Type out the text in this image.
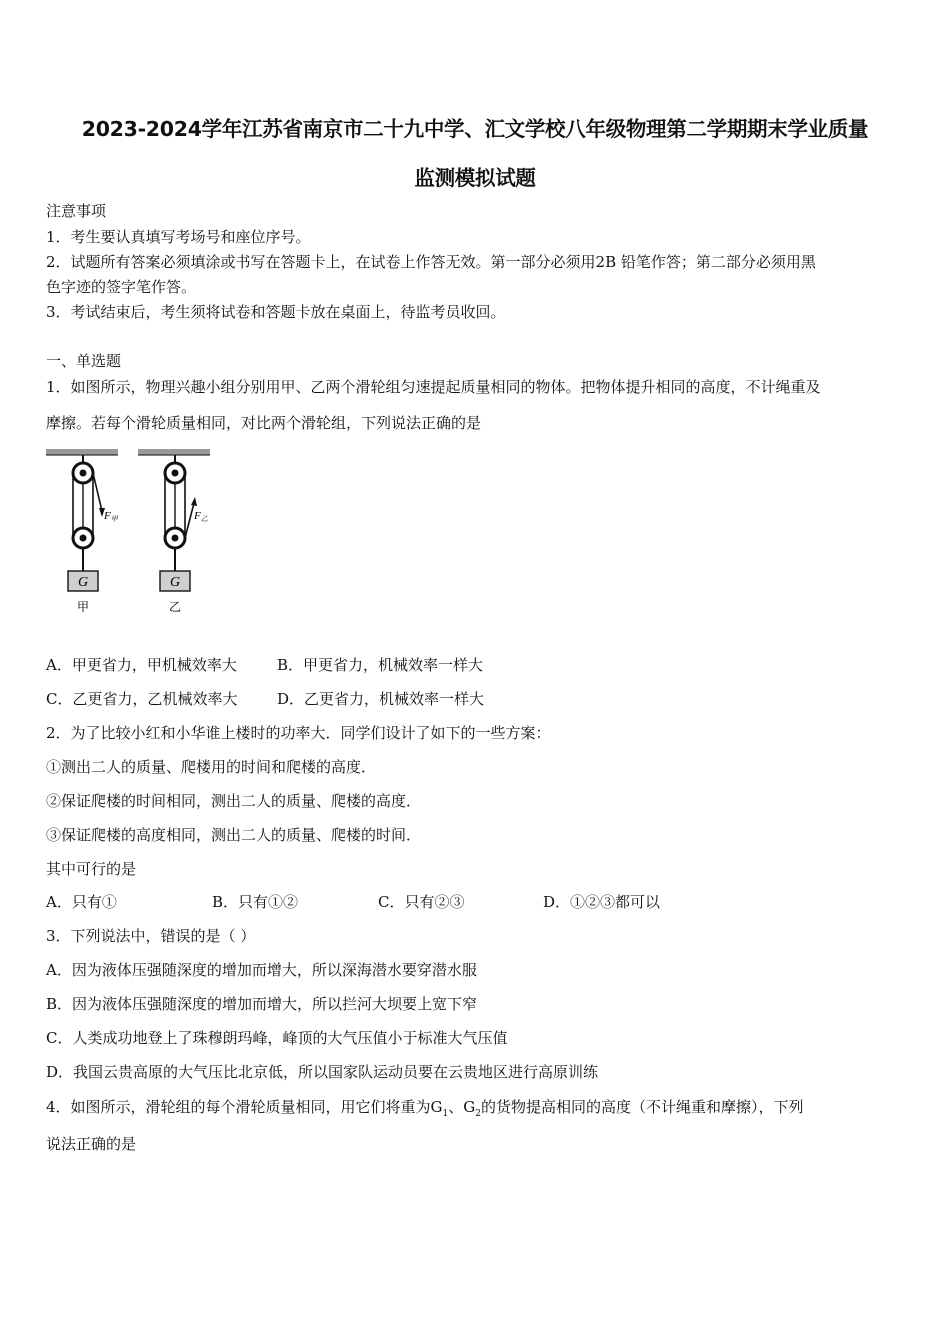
2023-2024学年江苏省南京市二十九中学、汇文学校八年级物理第二学期期末学业质量
监测模拟试题
注意事项
1．考生要认真填写考场号和座位序号。
2．试题所有答案必须填涂或书写在答题卡上，在试卷上作答无效。第一部分必须用2B 铅笔作答；第二部分必须用黑
色字迹的签字笔作答。
3．考试结束后，考生须将试卷和答题卡放在桌面上，待监考员收回。
一、单选题
1．如图所示，物理兴趣小组分别用甲、乙两个滑轮组匀速提起质量相同的物体。把物体提升相同的高度，不计绳重及
摩擦。若每个滑轮质量相同，对比两个滑轮组，下列说法正确的是
G
甲
F甲
G
乙
F乙
A．甲更省力，甲机械效率大	B．甲更省力，机械效率一样大
C．乙更省力，乙机械效率大	D．乙更省力，机械效率一样大
2．为了比较小红和小华谁上楼时的功率大．同学们设计了如下的一些方案：
①测出二人的质量、爬楼用的时间和爬楼的高度．
②保证爬楼的时间相同，测出二人的质量、爬楼的高度．
③保证爬楼的高度相同，测出二人的质量、爬楼的时间．
其中可行的是
A．只有①	B．只有①②	C．只有②③	D．①②③都可以
3．下列说法中，错误的是（ ）
A．因为液体压强随深度的增加而增大，所以深海潜水要穿潜水服
B．因为液体压强随深度的增加而增大，所以拦河大坝要上宽下窄
C．人类成功地登上了珠穆朗玛峰，峰顶的大气压值小于标准大气压值
D．我国云贵高原的大气压比北京低，所以国家队运动员要在云贵地区进行高原训练
4．如图所示，滑轮组的每个滑轮质量相同，用它们将重为$G_1$、$G_2$的货物提高相同的高度（不计绳重和摩擦），下列
说法正确的是
